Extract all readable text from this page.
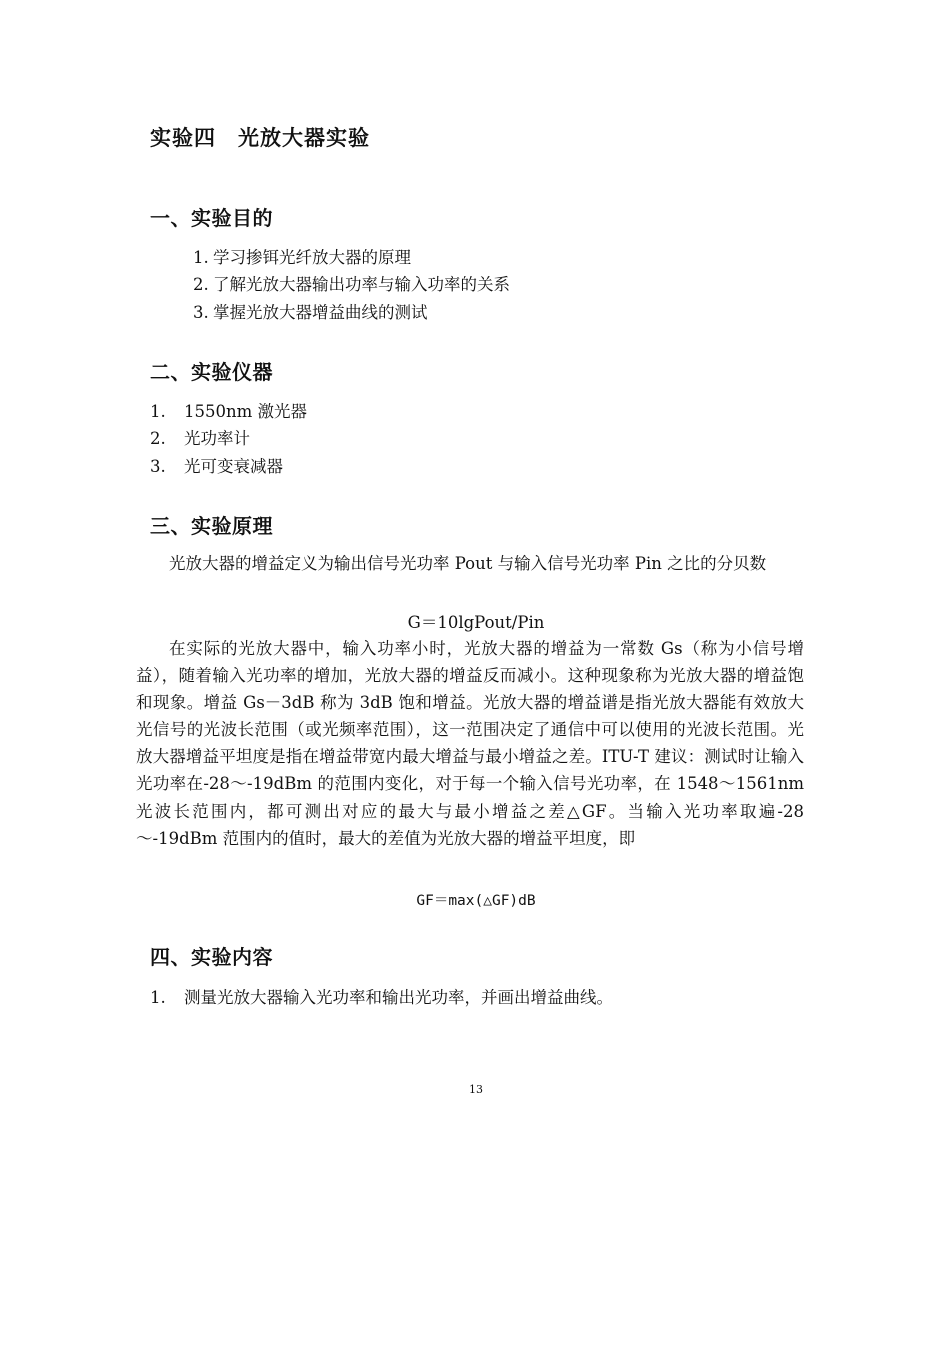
实验四　光放大器实验
一、实验目的
1. 学习掺铒光纤放大器的原理
2. 了解光放大器输出功率与输入功率的关系
3. 掌握光放大器增益曲线的测试
二、实验仪器
1. 1550nm 激光器
2. 光功率计
3. 光可变衰减器
三、实验原理

光放大器的增益定义为输出信号光功率 Pout 与输入信号光功率 Pin 之比的分贝数

G＝10lgPout/Pin

在实际的光放大器中，输入功率小时，光放大器的增益为一常数 Gs（称为小信号增益），随着输入光功率的增加，光放大器的增益反而减小。这种现象称为光放大器的增益饱和现象。增益 Gs－3dB 称为 3dB 饱和增益。光放大器的增益谱是指光放大器能有效放大光信号的光波长范围（或光频率范围），这一范围决定了通信中可以使用的光波长范围。光放大器增益平坦度是指在增益带宽内最大增益与最小增益之差。ITU-T 建议：测试时让输入光功率在-28～-19dBm 的范围内变化，对于每一个输入信号光功率，在 1548～1561nm 光波长范围内，都可测出对应的最大与最小增益之差△GF。当输入光功率取遍-28～-19dBm 范围内的值时，最大的差值为光放大器的增益平坦度，即

GF＝max(△GF)dB

四、实验内容
1. 测量光放大器输入光功率和输出光功率，并画出增益曲线。

13
